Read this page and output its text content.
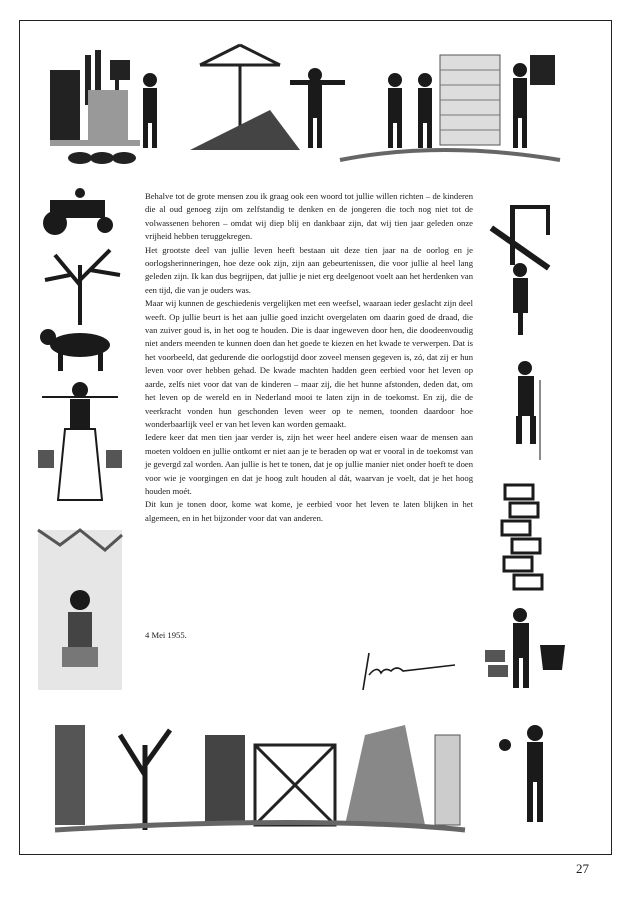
Behalve tot de grote mensen zou ik graag ook een woord tot jullie willen richten – de kinderen die al oud genoeg zijn om zelfstandig te denken en de jongeren die toch nog niet tot de volwassenen behoren – omdat wij diep blij en dankbaar zijn, dat wij tien jaar geleden onze vrijheid hebben teruggekregen.

Het grootste deel van jullie leven heeft bestaan uit deze tien jaar na de oorlog en je oorlogsherinneringen, hoe deze ook zijn, zijn aan gebeurtenissen, die voor jullie al heel lang geleden zijn. Ik kan dus begrijpen, dat jullie je niet erg deelgenoot voelt aan het herdenken van een tijd, die van je ouders was.

Maar wij kunnen de geschiedenis vergelijken met een weefsel, waaraan ieder geslacht zijn deel weeft. Op jullie beurt is het aan jullie goed inzicht overgelaten om daarin goed de draad, die van zuiver goud is, in het oog te houden. Die is daar ingeweven door hen, die doodeenvoudig niet anders meenden te kunnen doen dan het goede te kiezen en het kwade te verwerpen. Dat is het voorbeeld, dat gedurende die oorlogstijd door zoveel mensen gegeven is, zó, dat zij er hun leven voor over hebben gehad. De kwade machten hadden geen eerbied voor het leven op aarde, zelfs niet voor dat van de kinderen – maar zij, die het hunne afstonden, deden dat, om het leven op de wereld en in Nederland mooi te laten zijn in de toekomst. En zij, die de veerkracht vonden hun geschonden leven weer op te nemen, toonden daardoor hoe wonderbaarlijk veel er van het leven kan worden gemaakt.

Iedere keer dat men tien jaar verder is, zijn het weer heel andere eisen waar de mensen aan moeten voldoen en jullie ontkomt er niet aan je te beraden op wat er vooral in de toekomst van je gevergd zal worden. Aan jullie is het te tonen, dat je op jullie manier niet onder hoeft te doen voor wie je voorgingen en dat je hoog zult houden al dát, waarvan je voelt, dat je het hoog houden moét.

Dit kun je tonen door, kome wat kome, je eerbied voor het leven te laten blijken in het algemeen, en in het bijzonder voor dat van anderen.

4 Mei 1955.
27
